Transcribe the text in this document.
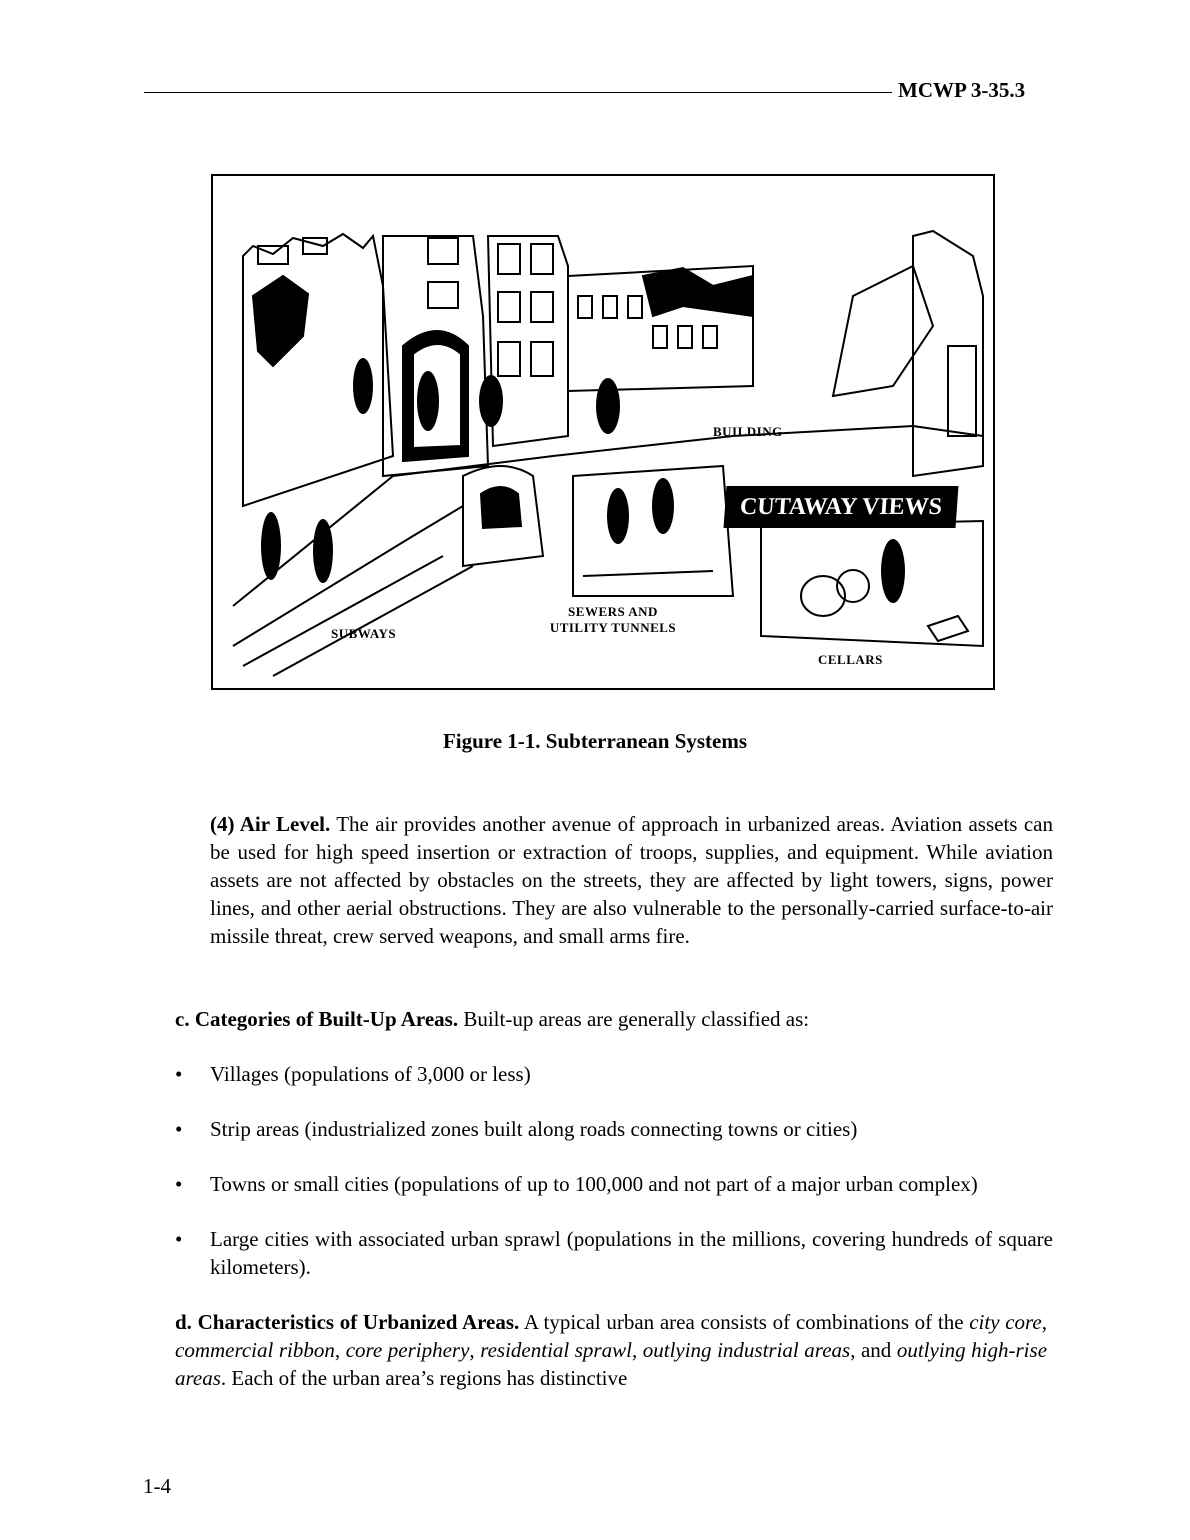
MCWP 3-35.3
BUILDING
CUTAWAY VIEWS
SUBWAYS
SEWERS AND
UTILITY TUNNELS
CELLARS
Figure 1-1. Subterranean Systems
(4) Air Level. The air provides another avenue of approach in urbanized areas. Aviation assets can be used for high speed insertion or extraction of troops, supplies, and equipment. While aviation assets are not affected by obstacles on the streets, they are affected by light towers, signs, power lines, and other aerial obstructions. They are also vulnerable to the personally-carried surface-to-air missile threat, crew served weapons, and small arms fire.
c. Categories of Built-Up Areas. Built-up areas are generally classified as:
• Villages (populations of 3,000 or less)
• Strip areas (industrialized zones built along roads connecting towns or cities)
• Towns or small cities (populations of up to 100,000 and not part of a major urban complex)
• Large cities with associated urban sprawl (populations in the millions, covering hundreds of square kilometers).
d. Characteristics of Urbanized Areas. A typical urban area consists of combinations of the city core, commercial ribbon, core periphery, residential sprawl, outlying industrial areas, and outlying high-rise areas. Each of the urban area’s regions has distinctive
1-4
